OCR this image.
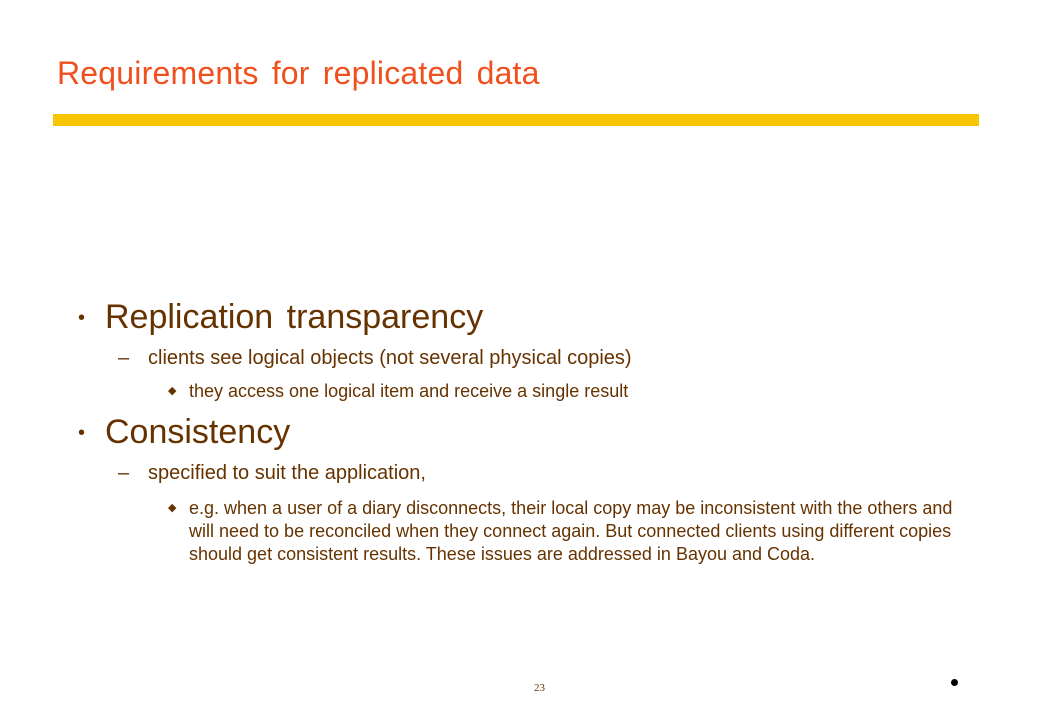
Requirements for replicated data
• Replication transparency
– clients see logical objects (not several physical copies)
◆ they access one logical item and receive a single result
• Consistency
– specified to suit the application,
◆ e.g. when a user of a diary disconnects, their local copy may be inconsistent with the others and will need to be reconciled when they connect again. But connected clients using different copies should get consistent results. These issues are addressed in Bayou and Coda.
23
